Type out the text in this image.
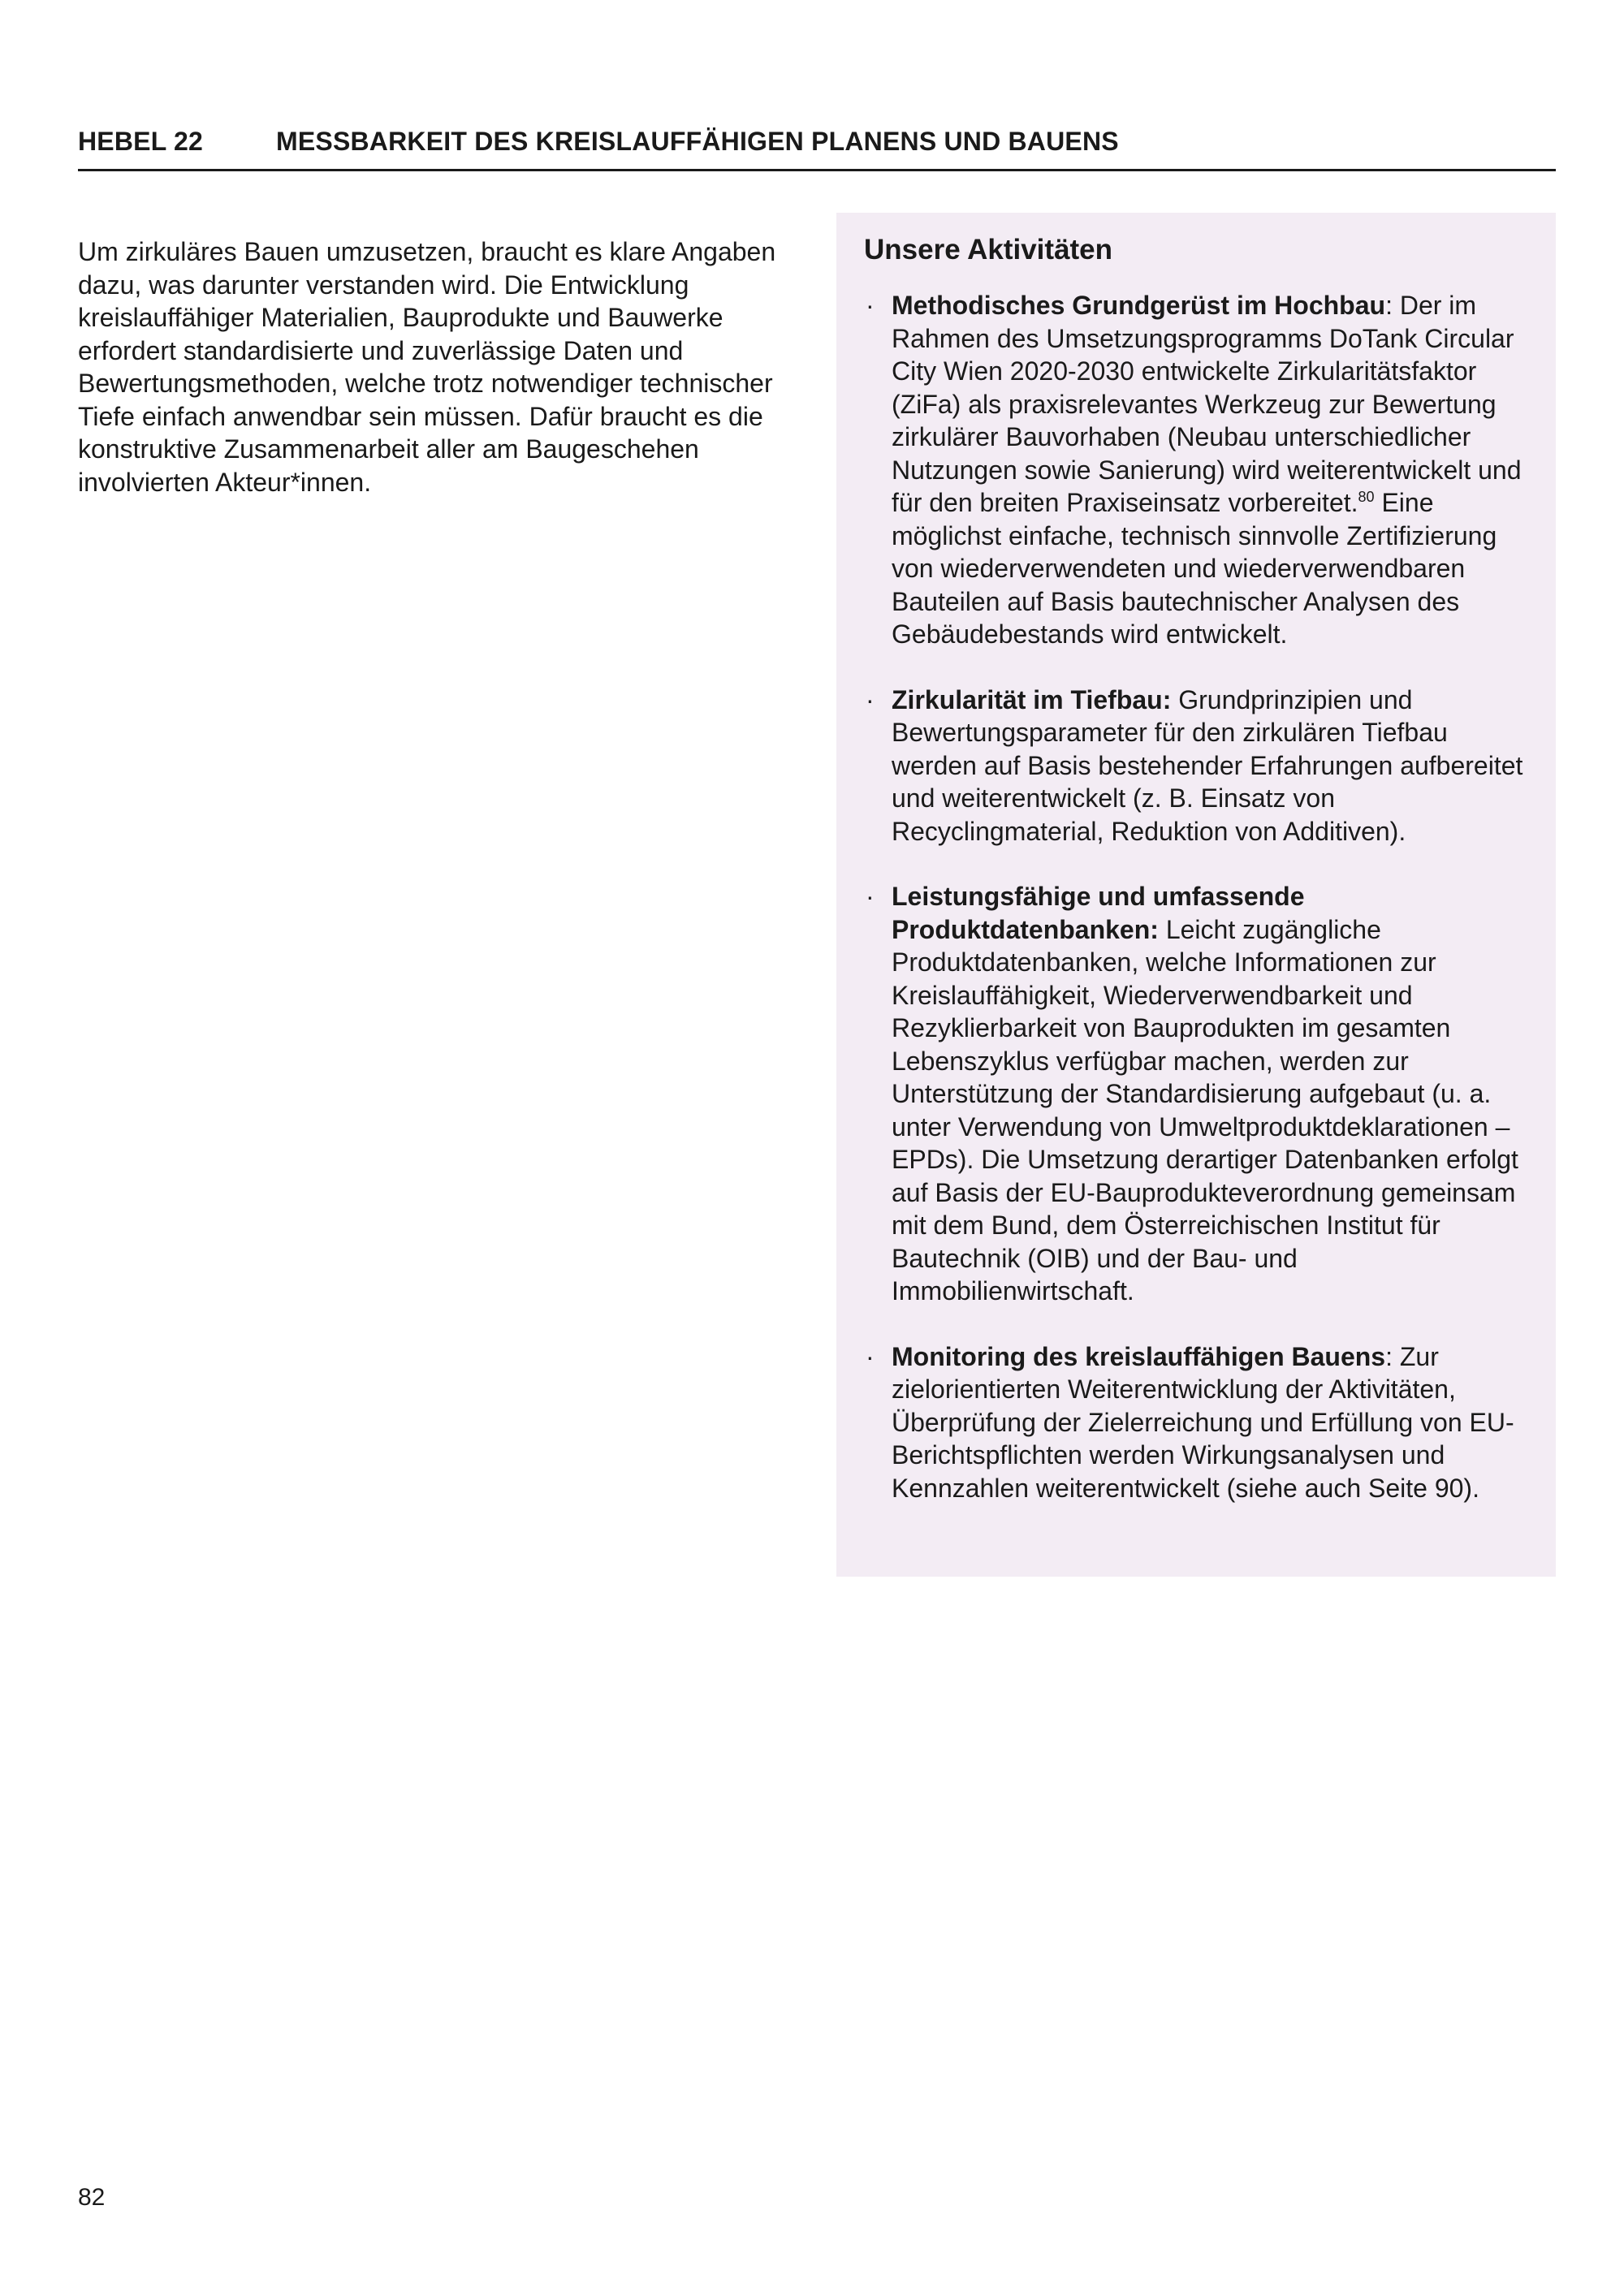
HEBEL 22	MESSBARKEIT DES KREISLAUFFÄHIGEN PLANENS UND BAUENS

Um zirkuläres Bauen umzusetzen, braucht es klare Angaben dazu, was darunter verstanden wird. Die Entwicklung kreislauffähiger Materialien, Bauprodukte und Bauwerke erfordert standardisierte und zuverlässige Daten und Bewertungsmethoden, welche trotz notwendiger technischer Tiefe einfach anwendbar sein müssen. Dafür braucht es die konstruktive Zusammenarbeit aller am Baugeschehen involvierten Akteur*innen.

Unsere Aktivitäten
· Methodisches Grundgerüst im Hochbau: Der im Rahmen des Umsetzungsprogramms DoTank Circular City Wien 2020-2030 entwickelte Zirkularitätsfaktor (ZiFa) als praxisrelevantes Werkzeug zur Bewertung zirkulärer Bauvorhaben (Neubau unterschiedlicher Nutzungen sowie Sanierung) wird weiterentwickelt und für den breiten Praxiseinsatz vorbereitet.$^{80}$ Eine möglichst einfache, technisch sinnvolle Zertifizierung von wiederverwendeten und wiederverwendbaren Bauteilen auf Basis bautechnischer Analysen des Gebäudebestands wird entwickelt.
· Zirkularität im Tiefbau: Grundprinzipien und Bewertungsparameter für den zirkulären Tiefbau werden auf Basis bestehender Erfahrungen aufbereitet und weiterentwickelt (z. B. Einsatz von Recyclingmaterial, Reduktion von Additiven).
· Leistungsfähige und umfassende Produktdatenbanken: Leicht zugängliche Produktdatenbanken, welche Informationen zur Kreislauffähigkeit, Wiederverwendbarkeit und Rezyklierbarkeit von Bauprodukten im gesamten Lebenszyklus verfügbar machen, werden zur Unterstützung der Standardisierung aufgebaut (u. a. unter Verwendung von Umweltproduktdeklarationen – EPDs). Die Umsetzung derartiger Datenbanken erfolgt auf Basis der EU-Bauprodukteverordnung gemeinsam mit dem Bund, dem Österreichischen Institut für Bautechnik (OIB) und der Bau- und Immobilienwirtschaft.
· Monitoring des kreislauffähigen Bauens: Zur zielorientierten Weiterentwicklung der Aktivitäten, Überprüfung der Zielerreichung und Erfüllung von EU-Berichtspflichten werden Wirkungsanalysen und Kennzahlen weiterentwickelt (siehe auch Seite 90).
82
